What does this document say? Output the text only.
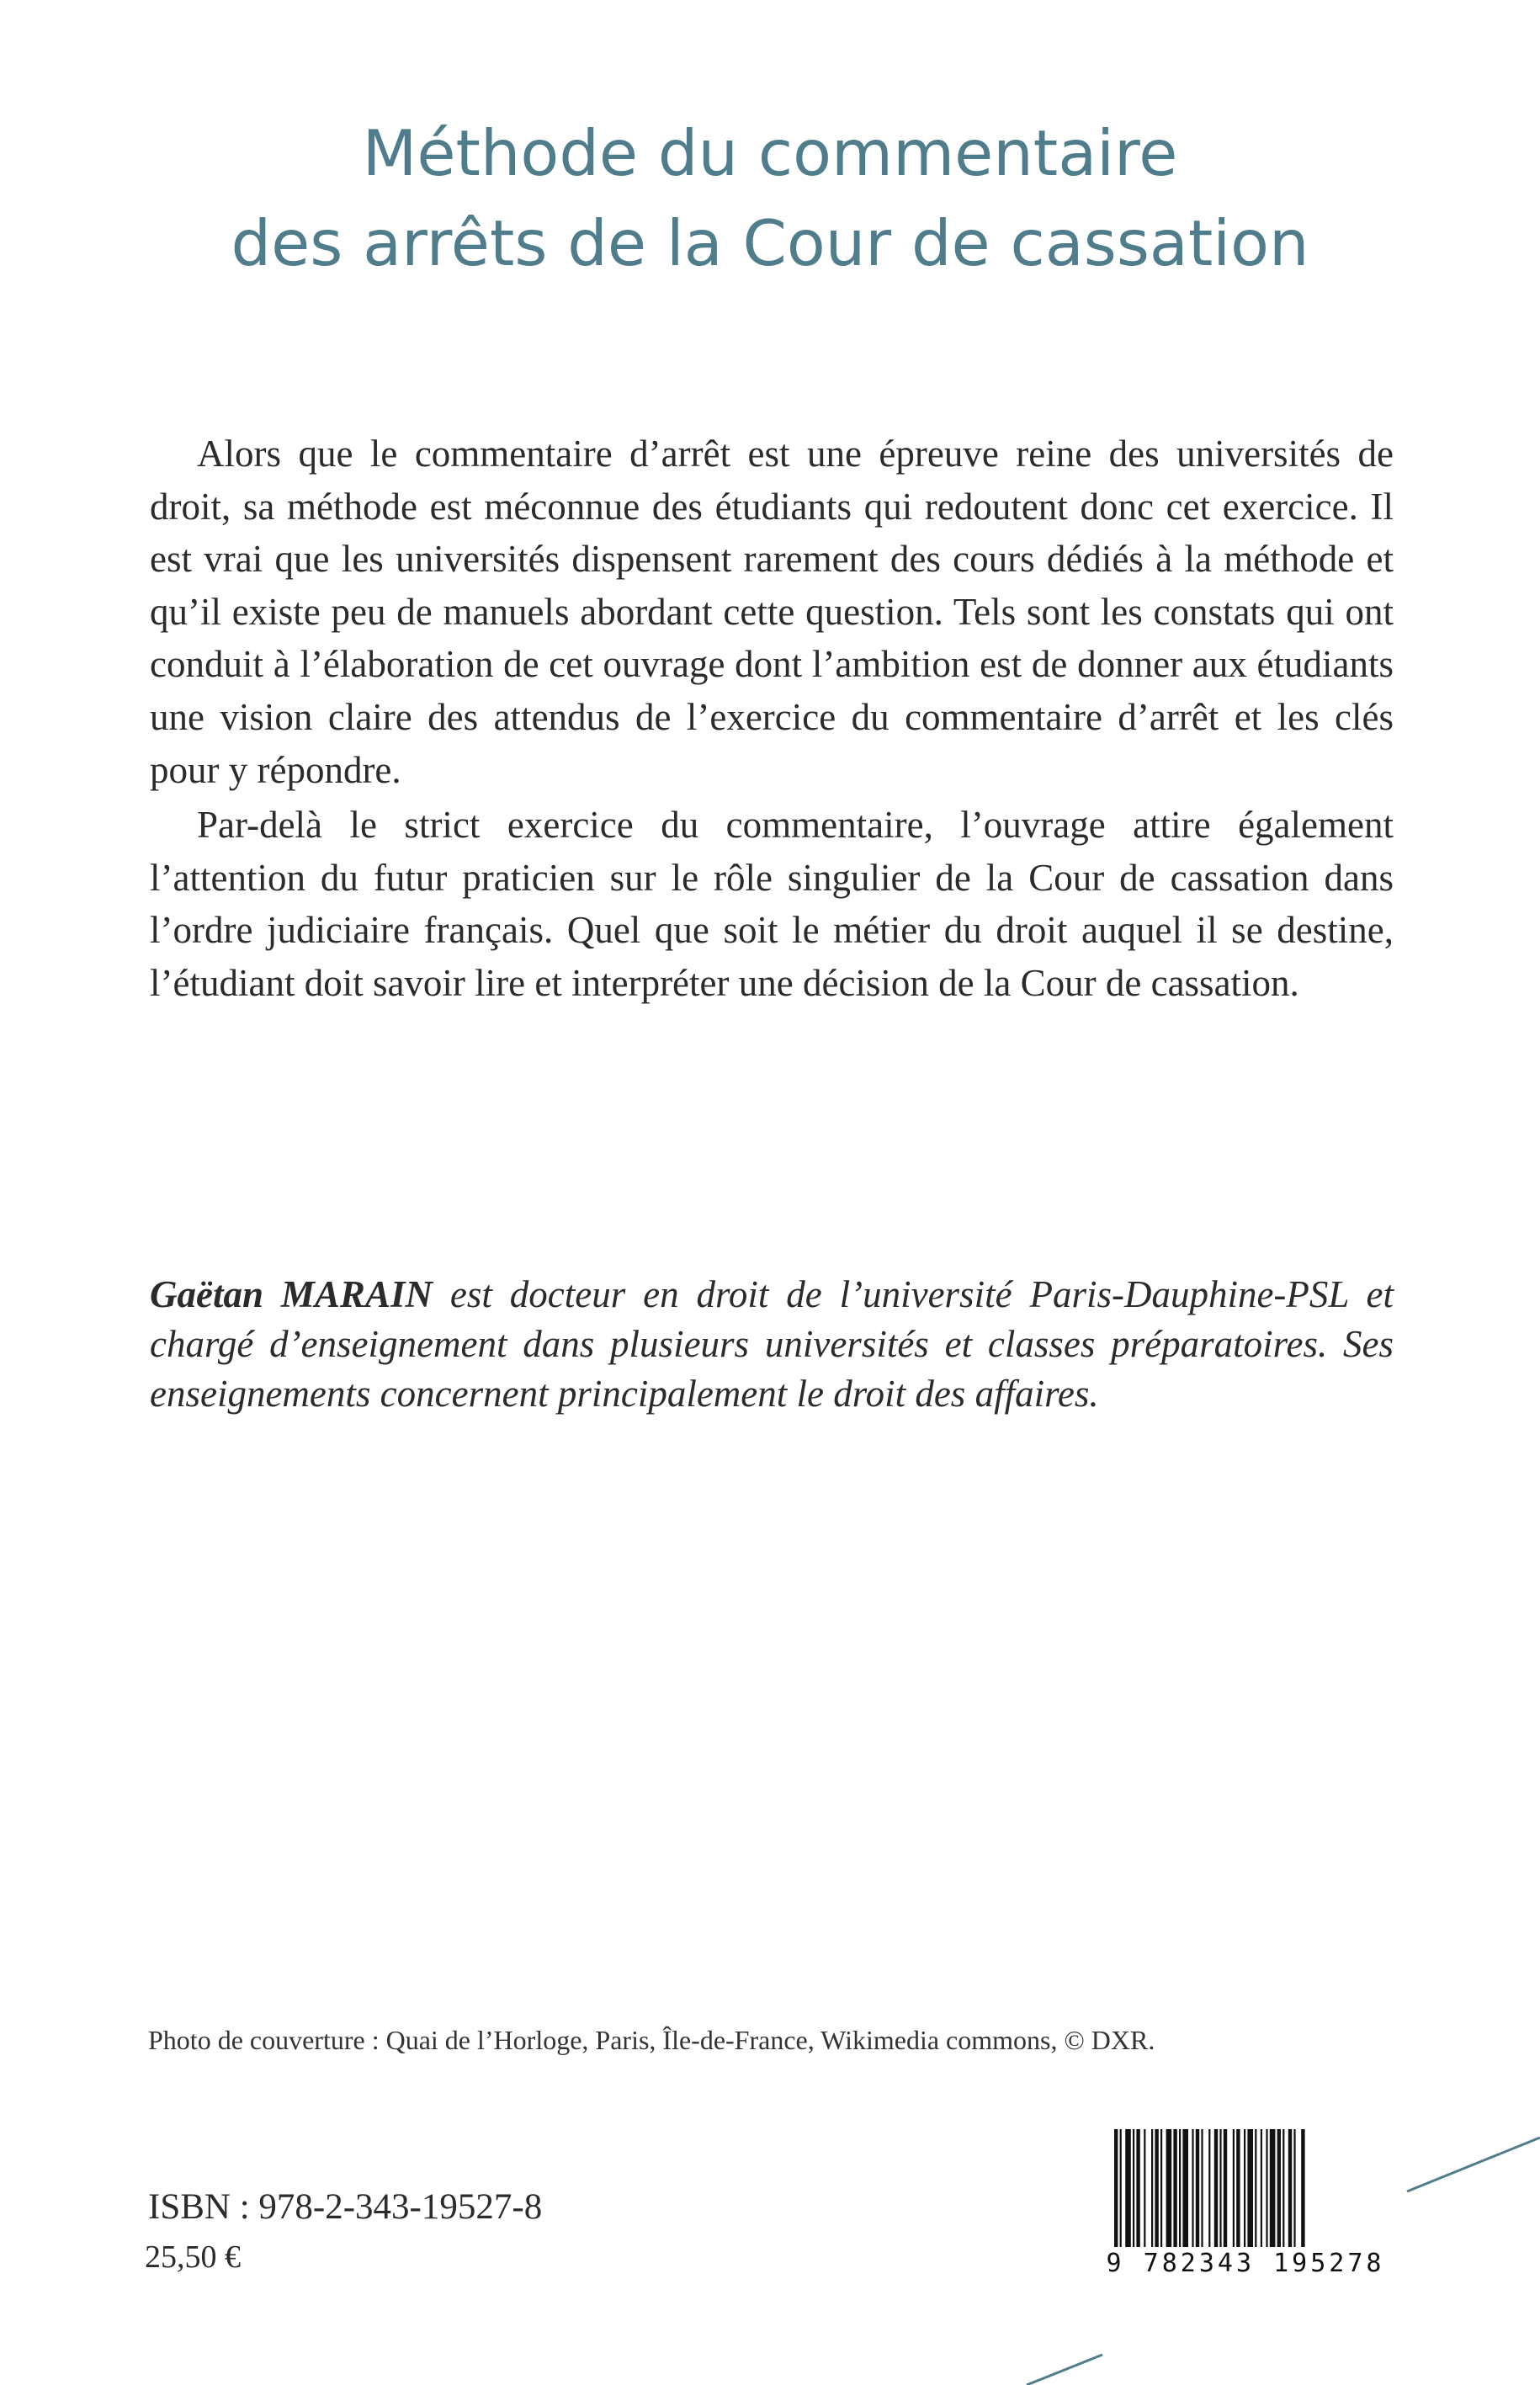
Méthode du commentaire
des arrêts de la Cour de cassation

Alors que le commentaire d’arrêt est une épreuve reine des universités de droit, sa méthode est méconnue des étudiants qui redoutent donc cet exercice. Il est vrai que les universités dispensent rarement des cours dédiés à la méthode et qu’il existe peu de manuels abordant cette question. Tels sont les constats qui ont conduit à l’élaboration de cet ouvrage dont l’ambition est de donner aux étudiants une vision claire des attendus de l’exercice du commentaire d’arrêt et les clés pour y répondre.

Par-delà le strict exercice du commentaire, l’ouvrage attire également l’attention du futur praticien sur le rôle singulier de la Cour de cassation dans l’ordre judiciaire français. Quel que soit le métier du droit auquel il se destine, l’étudiant doit savoir lire et interpréter une décision de la Cour de cassation.

Gaëtan MARAIN est docteur en droit de l’université Paris-Dauphine-PSL et chargé d’enseignement dans plusieurs universités et classes préparatoires. Ses enseignements concernent principalement le droit des affaires.

Photo de couverture : Quai de l’Horloge, Paris, Île-de-France, Wikimedia commons, © DXR.

ISBN : 978-2-343-19527-8

25,50 €	9 782343 195278
